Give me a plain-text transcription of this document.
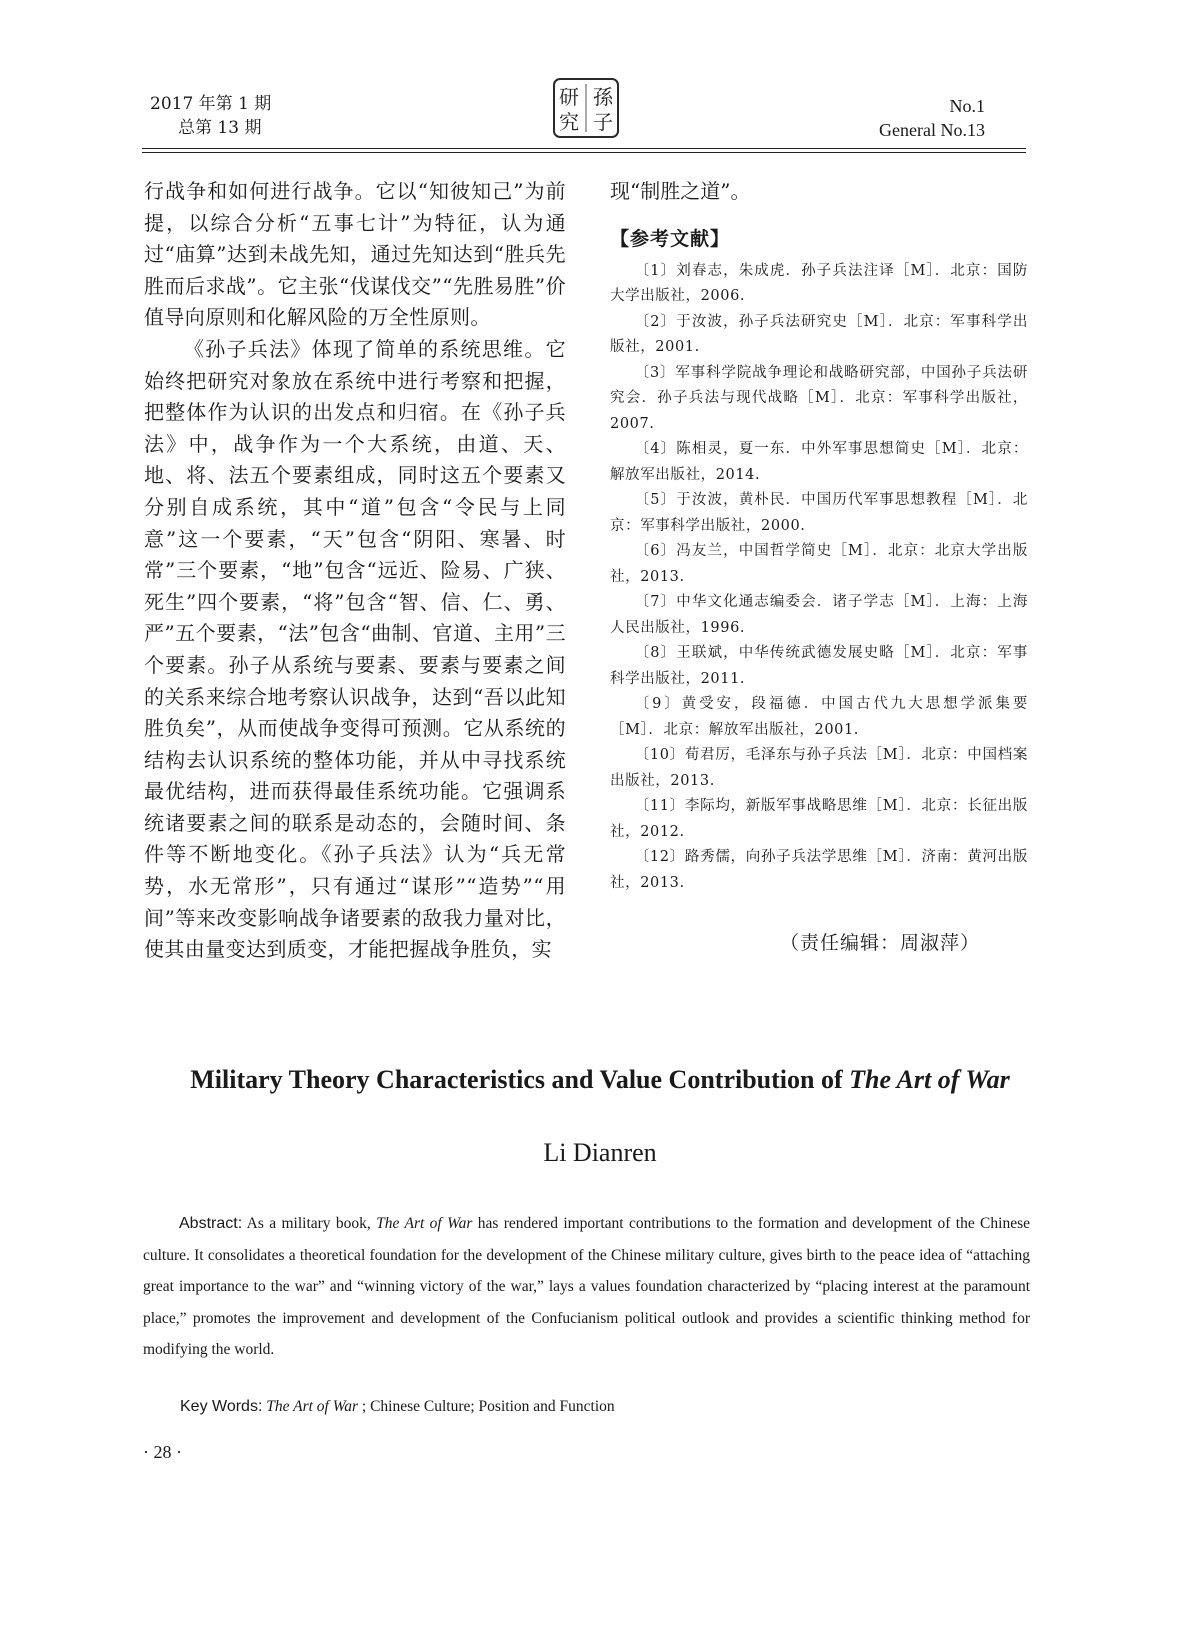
2017 年第 1 期
总第 13 期
研 孫
究 子
No.1
General No.13

行战争和如何进行战争。它以“知彼知己”为前提，以综合分析“五事七计”为特征，认为通过“庙算”达到未战先知，通过先知达到“胜兵先胜而后求战”。它主张“伐谋伐交”“先胜易胜”价值导向原则和化解风险的万全性原则。

《孙子兵法》体现了简单的系统思维。它始终把研究对象放在系统中进行考察和把握，把整体作为认识的出发点和归宿。在《孙子兵法》中，战争作为一个大系统，由道、天、地、将、法五个要素组成，同时这五个要素又分别自成系统，其中“道”包含“令民与上同意”这一个要素，“天”包含“阴阳、寒暑、时常”三个要素，“地”包含“远近、险易、广狭、死生”四个要素，“将”包含“智、信、仁、勇、严”五个要素，“法”包含“曲制、官道、主用”三个要素。孙子从系统与要素、要素与要素之间的关系来综合地考察认识战争，达到“吾以此知胜负矣”，从而使战争变得可预测。它从系统的结构去认识系统的整体功能，并从中寻找系统最优结构，进而获得最佳系统功能。它强调系统诸要素之间的联系是动态的，会随时间、条件等不断地变化。《孙子兵法》认为“兵无常势，水无常形”，只有通过“谋形”“造势”“用间”等来改变影响战争诸要素的敌我力量对比，使其由量变达到质变，才能把握战争胜负，实

现“制胜之道”。

【参考文献】

〔1〕刘春志，朱成虎．孙子兵法注译［M］．北京：国防大学出版社，2006.

〔2〕于汝波，孙子兵法研究史［M］．北京：军事科学出版社，2001.

〔3〕军事科学院战争理论和战略研究部，中国孙子兵法研究会．孙子兵法与现代战略［M］．北京：军事科学出版社，2007.

〔4〕陈相灵，夏一东．中外军事思想简史［M］．北京：解放军出版社，2014.

〔5〕于汝波，黄朴民．中国历代军事思想教程［M］．北京：军事科学出版社，2000.

〔6〕冯友兰，中国哲学简史［M］．北京：北京大学出版社，2013.

〔7〕中华文化通志编委会．诸子学志［M］．上海：上海人民出版社，1996.

〔8〕王联斌，中华传统武德发展史略［M］．北京：军事科学出版社，2011.

〔9〕黄受安，段福德．中国古代九大思想学派集要［M］．北京：解放军出版社，2001.

〔10〕荀君厉，毛泽东与孙子兵法［M］．北京：中国档案出版社，2013.

〔11〕李际均，新版军事战略思维［M］．北京：长征出版社，2012.

〔12〕路秀儒，向孙子兵法学思维［M］．济南：黄河出版社，2013.

（责任编辑：周淑萍）
Military Theory Characteristics and Value Contribution of The Art of War
Li Dianren
Abstract: As a military book, The Art of War has rendered important contributions to the formation and development of the Chinese culture. It consolidates a theoretical foundation for the development of the Chinese military culture, gives birth to the peace idea of “attaching great importance to the war” and “winning victory of the war,” lays a values foundation characterized by “placing interest at the paramount place,” promotes the improvement and development of the Confucianism political outlook and provides a scientific thinking method for modifying the world.
Key Words: The Art of War ; Chinese Culture; Position and Function
· 28 ·
